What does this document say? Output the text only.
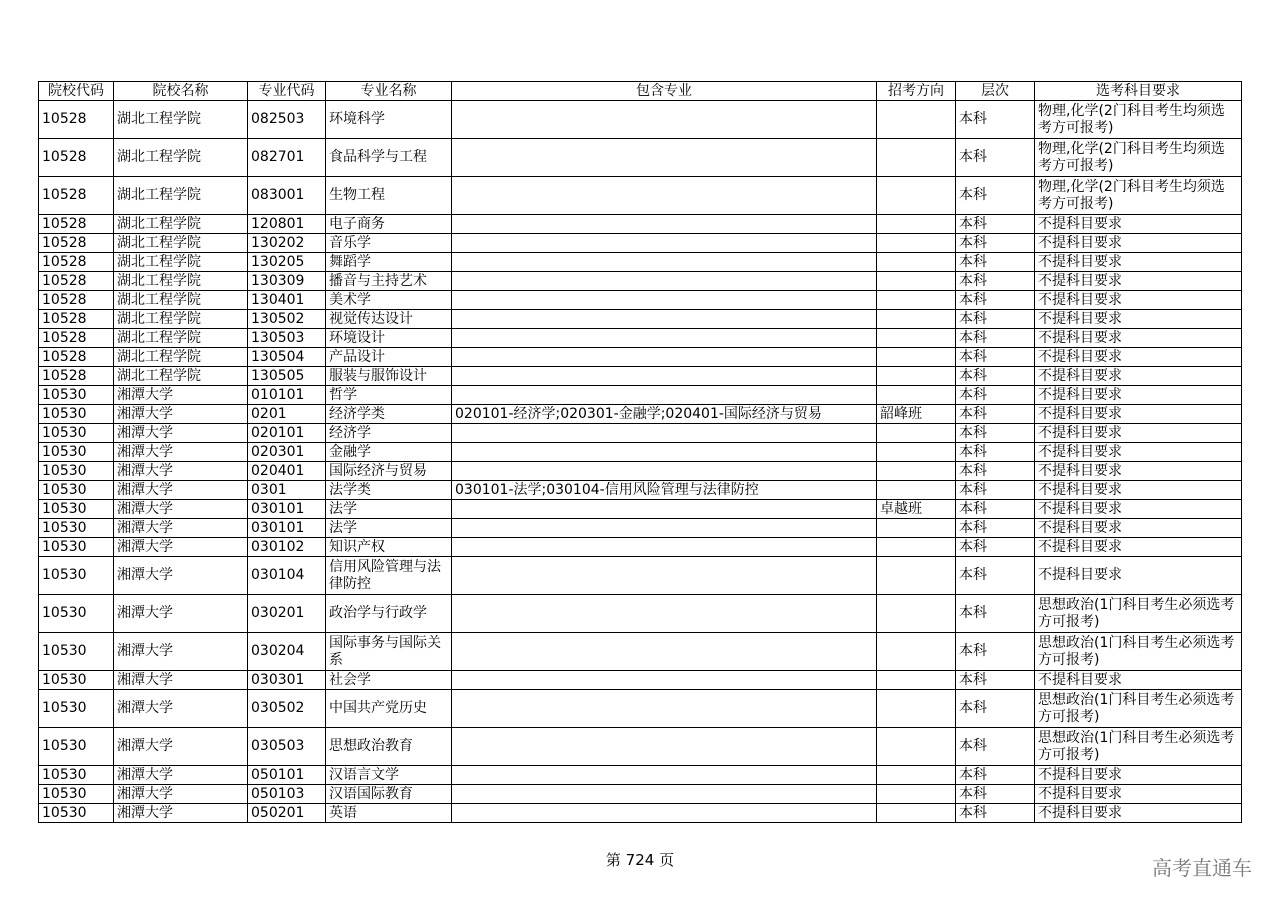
院校代码	院校名称	专业代码	专业名称	包含专业	招考方向	层次	选考科目要求
10528	湖北工程学院	082503	环境科学			本科	物理,化学(2门科目考生均须选考方可报考)
10528	湖北工程学院	082701	食品科学与工程			本科	物理,化学(2门科目考生均须选考方可报考)
10528	湖北工程学院	083001	生物工程			本科	物理,化学(2门科目考生均须选考方可报考)
10528	湖北工程学院	120801	电子商务			本科	不提科目要求
10528	湖北工程学院	130202	音乐学			本科	不提科目要求
10528	湖北工程学院	130205	舞蹈学			本科	不提科目要求
10528	湖北工程学院	130309	播音与主持艺术			本科	不提科目要求
10528	湖北工程学院	130401	美术学			本科	不提科目要求
10528	湖北工程学院	130502	视觉传达设计			本科	不提科目要求
10528	湖北工程学院	130503	环境设计			本科	不提科目要求
10528	湖北工程学院	130504	产品设计			本科	不提科目要求
10528	湖北工程学院	130505	服装与服饰设计			本科	不提科目要求
10530	湘潭大学	010101	哲学			本科	不提科目要求
10530	湘潭大学	0201	经济学类	020101-经济学;020301-金融学;020401-国际经济与贸易	韶峰班	本科	不提科目要求
10530	湘潭大学	020101	经济学			本科	不提科目要求
10530	湘潭大学	020301	金融学			本科	不提科目要求
10530	湘潭大学	020401	国际经济与贸易			本科	不提科目要求
10530	湘潭大学	0301	法学类	030101-法学;030104-信用风险管理与法律防控		本科	不提科目要求
10530	湘潭大学	030101	法学		卓越班	本科	不提科目要求
10530	湘潭大学	030101	法学			本科	不提科目要求
10530	湘潭大学	030102	知识产权			本科	不提科目要求
10530	湘潭大学	030104	信用风险管理与法律防控			本科	不提科目要求
10530	湘潭大学	030201	政治学与行政学			本科	思想政治(1门科目考生必须选考方可报考)
10530	湘潭大学	030204	国际事务与国际关系			本科	思想政治(1门科目考生必须选考方可报考)
10530	湘潭大学	030301	社会学			本科	不提科目要求
10530	湘潭大学	030502	中国共产党历史			本科	思想政治(1门科目考生必须选考方可报考)
10530	湘潭大学	030503	思想政治教育			本科	思想政治(1门科目考生必须选考方可报考)
10530	湘潭大学	050101	汉语言文学			本科	不提科目要求
10530	湘潭大学	050103	汉语国际教育			本科	不提科目要求
10530	湘潭大学	050201	英语			本科	不提科目要求
第 724 页	高考直通车
